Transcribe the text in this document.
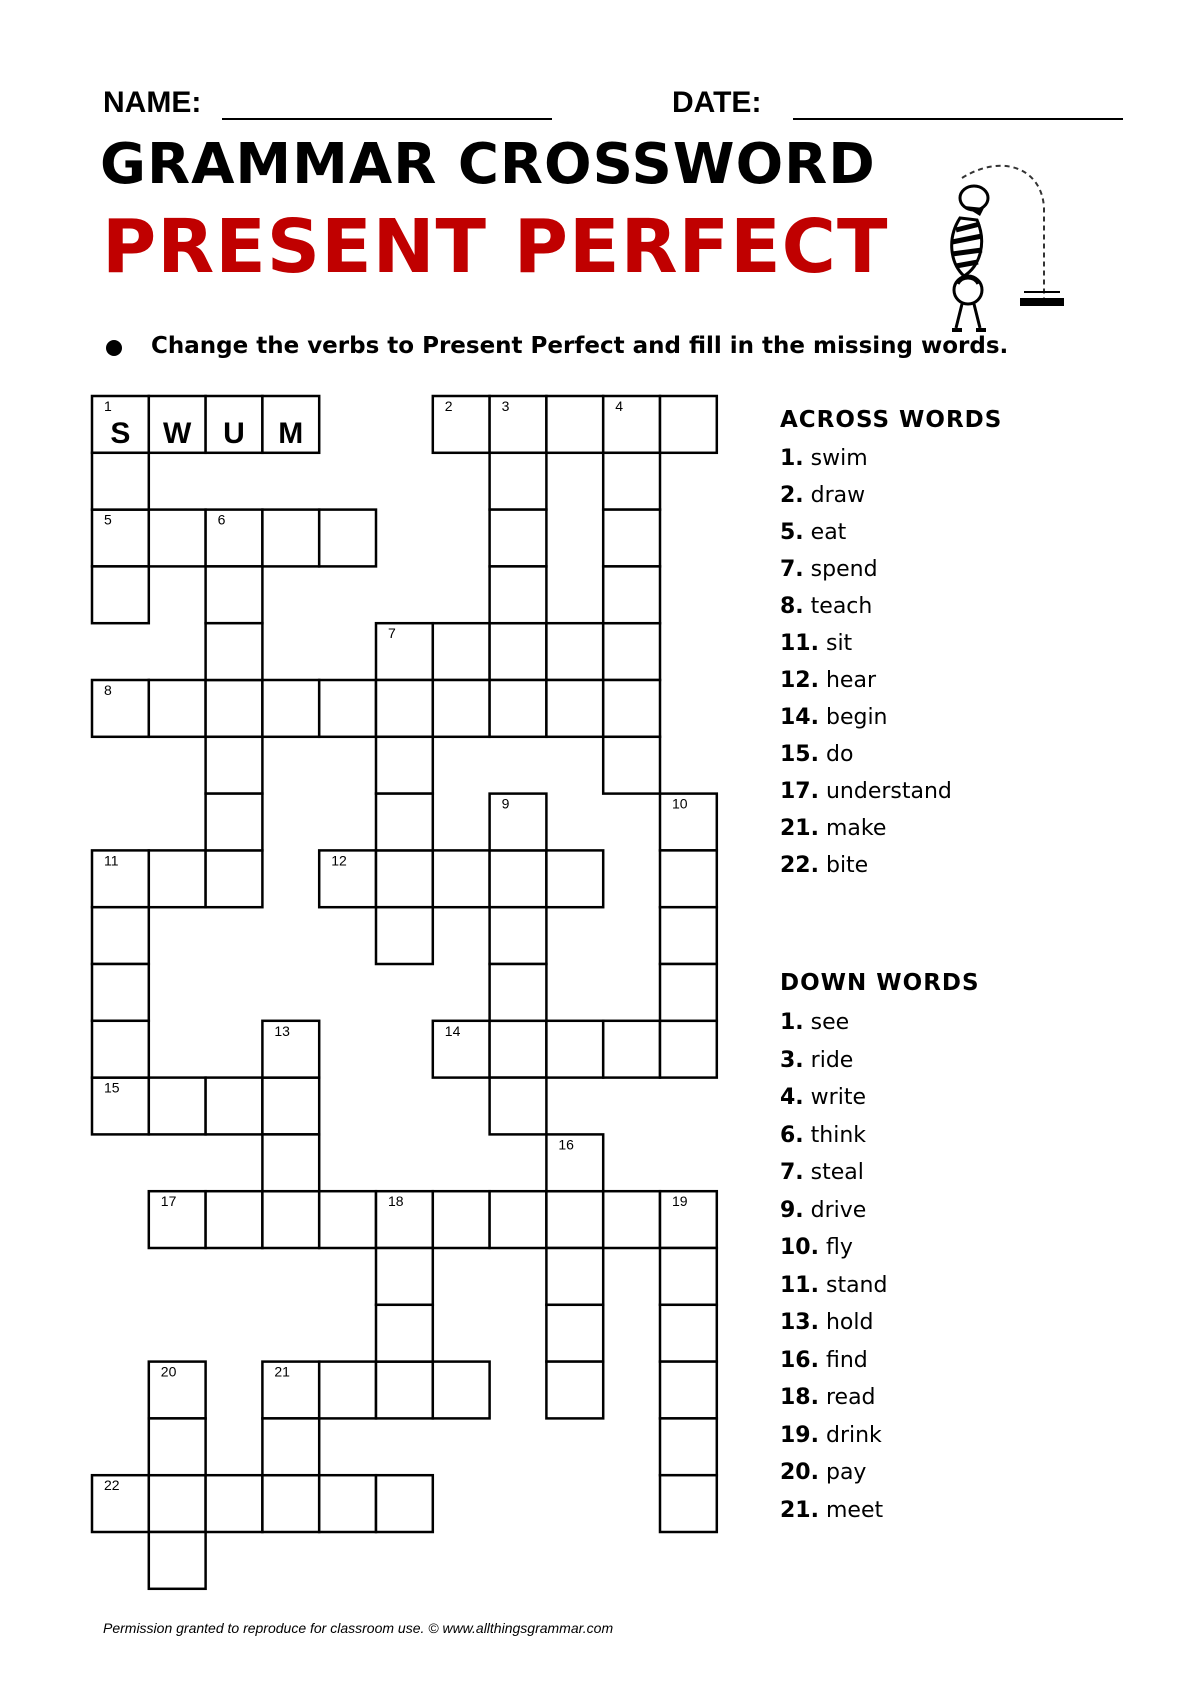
NAME:	DATE:
GRAMMAR CROSSWORD
PRESENT PERFECT
Change the verbs to Present Perfect and fill in the missing words.
1	2
5
7
8
11	12
14
15
17
21
22
3	4
6
9	10
13
16
18	19
20
S W U M	ACROSS WORDS
1. swim
2. draw
5. eat
7. spend
8. teach
11. sit
12. hear
14. begin
15. do
17. understand
21. make
22. bite
DOWN WORDS
1. see
3. ride
4. write
6. think
7. steal
9. drive
10. fly
11. stand
13. hold
16. find
18. read
19. drink
20. pay
21. meet
Permission granted to reproduce for classroom use. © www.allthingsgrammar.com
